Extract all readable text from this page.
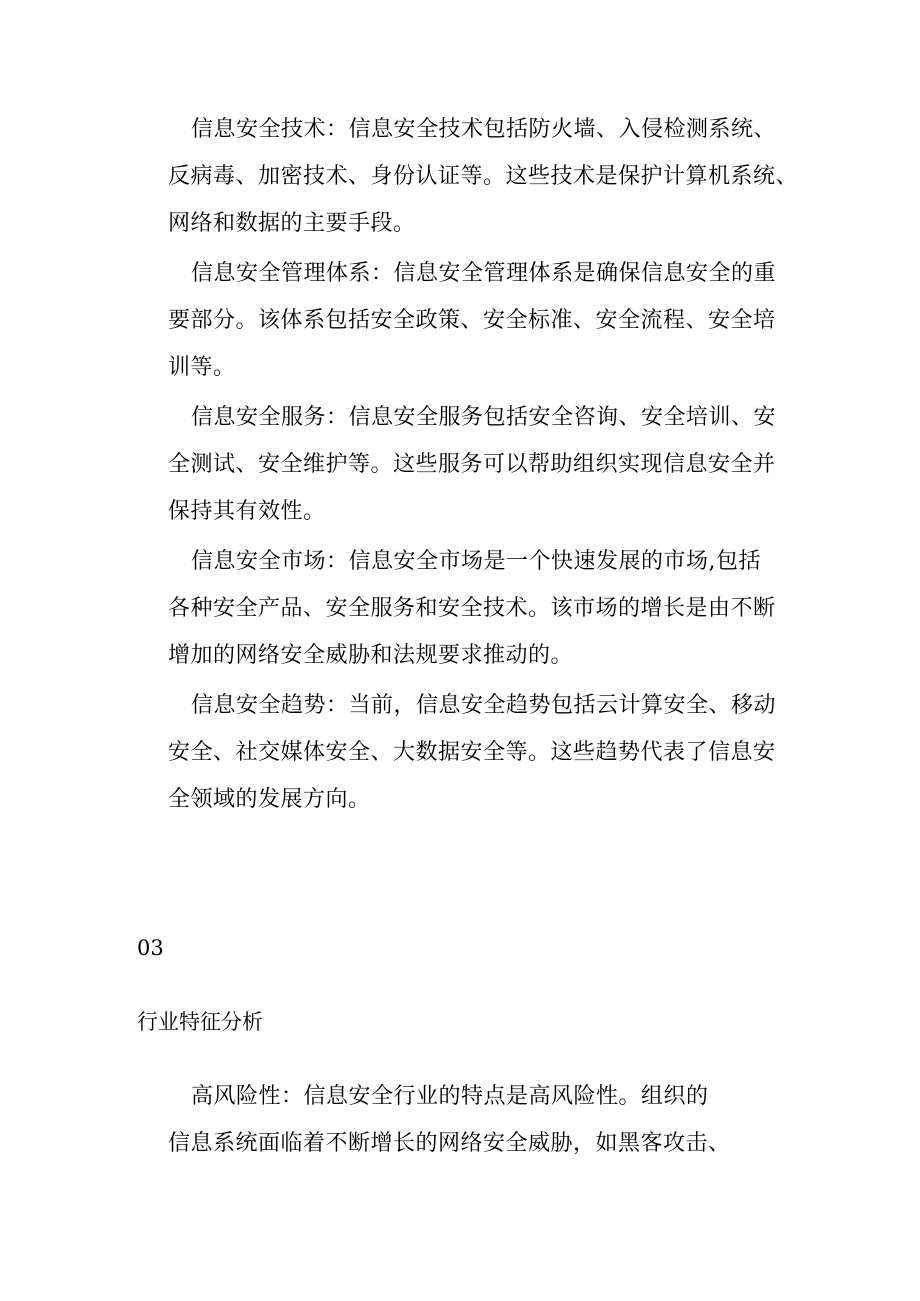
信息安全技术：信息安全技术包括防火墙、入侵检测系统、
反病毒、加密技术、身份认证等。这些技术是保护计算机系统、
网络和数据的主要手段。
信息安全管理体系：信息安全管理体系是确保信息安全的重
要部分。该体系包括安全政策、安全标准、安全流程、安全培
训等。
信息安全服务：信息安全服务包括安全咨询、安全培训、安
全测试、安全维护等。这些服务可以帮助组织实现信息安全并
保持其有效性。
信息安全市场：信息安全市场是一个快速发展的市场,包括
各种安全产品、安全服务和安全技术。该市场的增长是由不断
增加的网络安全威胁和法规要求推动的。
信息安全趋势：当前，信息安全趋势包括云计算安全、移动
安全、社交媒体安全、大数据安全等。这些趋势代表了信息安
全领域的发展方向。
03
行业特征分析
高风险性：信息安全行业的特点是高风险性。组织的
信息系统面临着不断增长的网络安全威胁，如黑客攻击、
